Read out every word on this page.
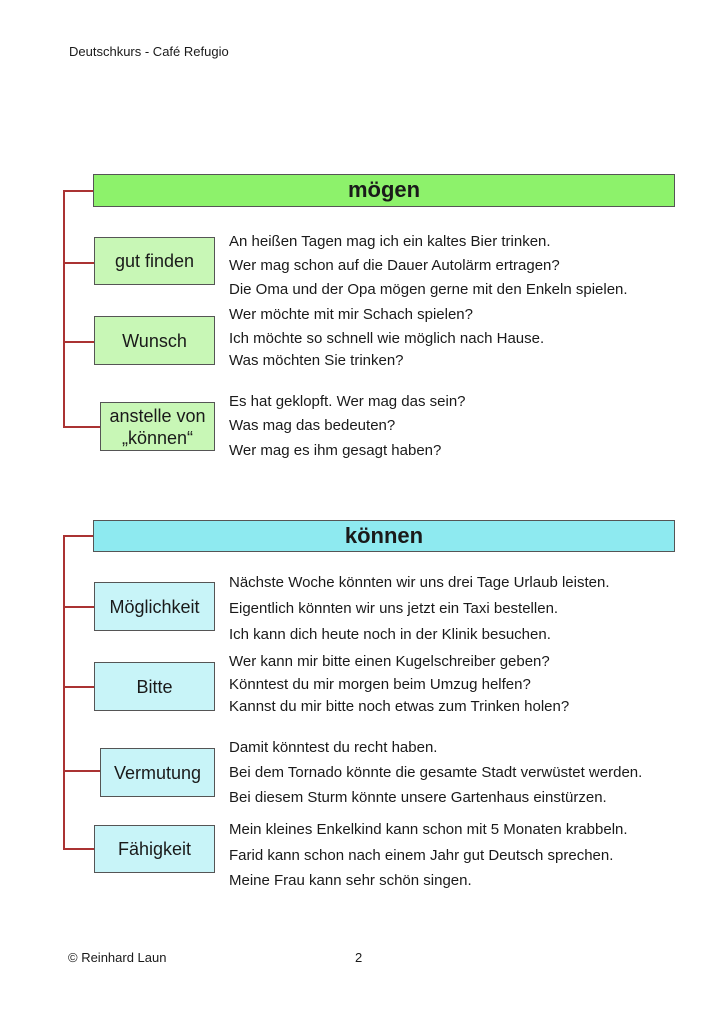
Deutschkurs - Café Refugio
mögen
gut finden
Wunsch
anstelle von „können“
An heißen Tagen mag ich ein kaltes Bier trinken.
Wer mag schon auf die Dauer Autolärm ertragen?
Die Oma und der Opa mögen gerne mit den Enkeln spielen.
Wer möchte mit mir Schach spielen?
Ich möchte so schnell wie möglich nach Hause.
Was möchten Sie trinken?
Es hat geklopft. Wer mag das sein?
Was mag das bedeuten?
Wer mag es ihm gesagt haben?
können
Möglichkeit
Bitte
Vermutung
Fähigkeit
Nächste Woche könnten wir uns drei Tage Urlaub leisten.
Eigentlich könnten wir uns jetzt ein Taxi bestellen.
Ich kann dich heute noch in der Klinik besuchen.
Wer kann mir bitte einen Kugelschreiber geben?
Könntest du mir morgen beim Umzug helfen?
Kannst du mir bitte noch etwas zum Trinken holen?
Damit könntest du recht haben.
Bei dem Tornado könnte die gesamte Stadt verwüstet werden.
Bei diesem Sturm könnte unsere Gartenhaus einstürzen.
Mein kleines Enkelkind kann schon mit 5 Monaten krabbeln.
Farid kann schon nach einem Jahr gut Deutsch sprechen.
Meine Frau kann sehr schön singen.
© Reinhard Laun	2
